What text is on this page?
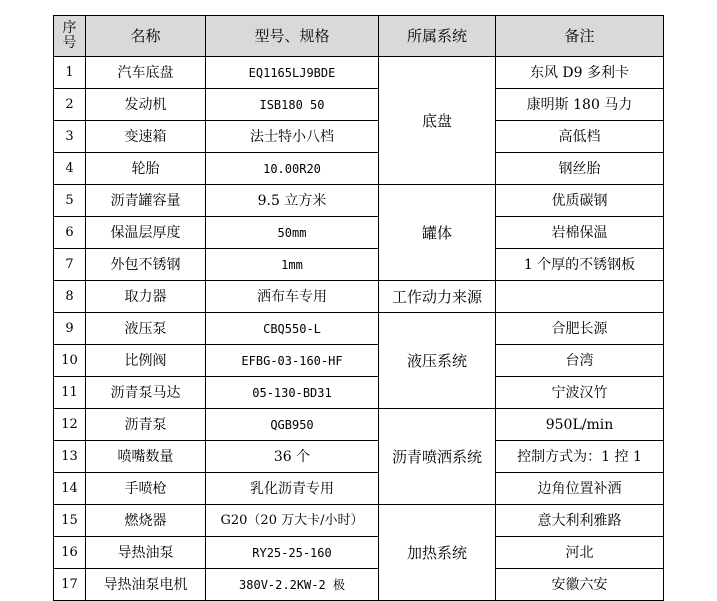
序号	名称	型号、规格	所属系统	备注
1	汽车底盘	EQ1165LJ9BDE	底盘	东风 D9 多利卡
2	发动机	ISB180 50		康明斯 180 马力
3	变速箱	法士特小八档		高低档
4	轮胎	10.00R20		钢丝胎
5	沥青罐容量	9.5 立方米	罐体	优质碳钢
6	保温层厚度	50mm		岩棉保温
7	外包不锈钢	1mm		1 个厚的不锈钢板
8	取力器	洒布车专用	工作动力来源	
9	液压泵	CBQ550-L	液压系统	合肥长源
10	比例阀	EFBG-03-160-HF		台湾
11	沥青泵马达	05-130-BD31		宁波汉竹
12	沥青泵	QGB950	沥青喷洒系统	950L/min
13	喷嘴数量	36 个		控制方式为：1 控 1
14	手喷枪	乳化沥青专用		边角位置补洒
15	燃烧器	G20（20 万大卡/小时）	加热系统	意大利利雅路
16	导热油泵	RY25-25-160		河北
17	导热油泵电机	380V-2.2KW-2 极		安徽六安
